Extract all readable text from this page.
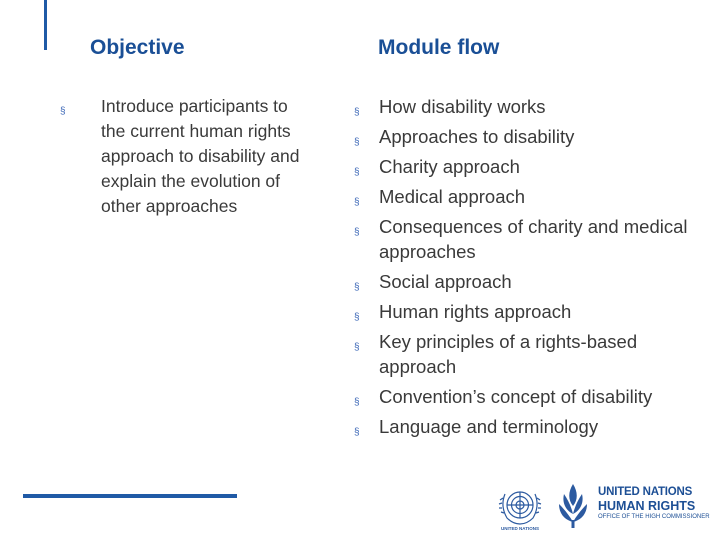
Objective	Module flow
§ Introduce participants to the current human rights approach to disability and explain the evolution of other approaches
§ How disability works
§ Approaches to disability
§ Charity approach
§ Medical approach
§ Consequences of charity and medical approaches
§ Social approach
§ Human rights approach
§ Key principles of a rights-based approach
§ Convention’s concept of disability
§ Language and terminology
UNITED NATIONS
UNITED NATIONS
HUMAN RIGHTS
OFFICE OF THE HIGH COMMISSIONER
